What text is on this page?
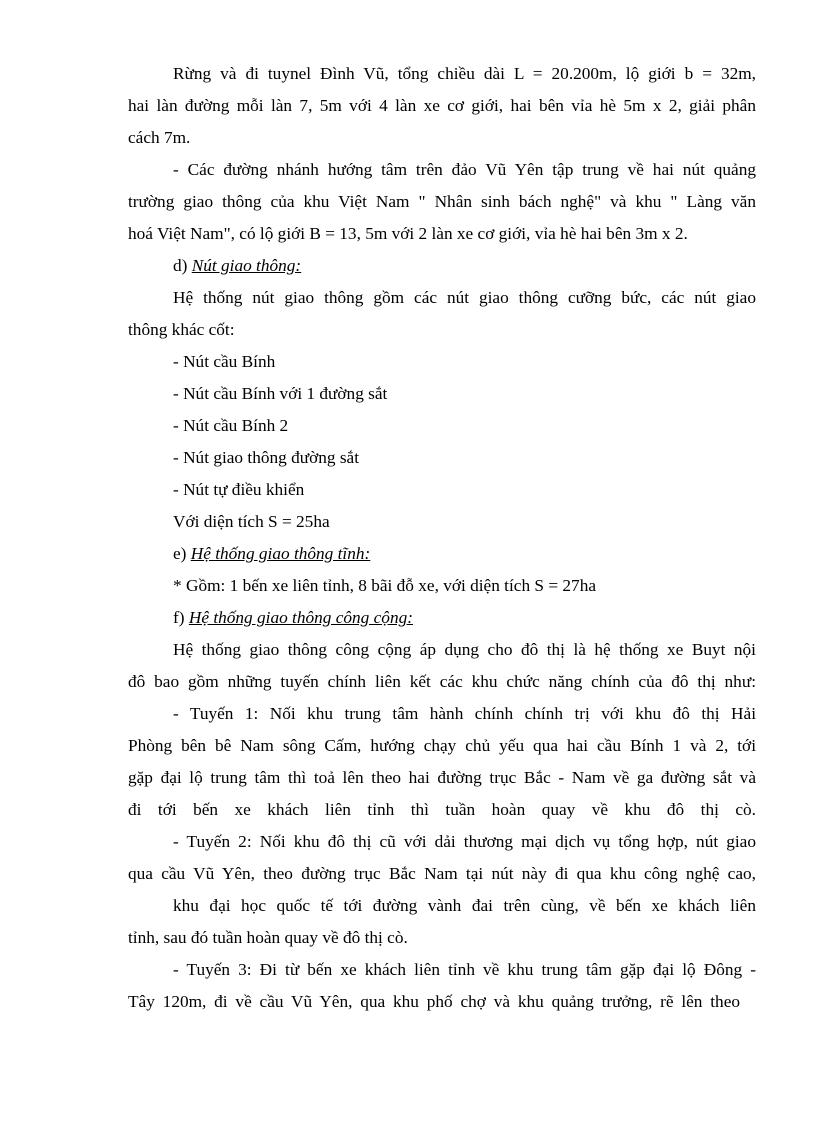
Rừng và đi tuynel Đình Vũ, tổng chiều dài L = 20.200m, lộ giới b = 32m,
hai làn đường mỗi làn 7, 5m với 4 làn xe cơ giới, hai bên vỉa hè 5m x 2, giải phân
cách 7m.
- Các đường nhánh hướng tâm trên đảo Vũ Yên tập trung về hai nút quảng
trường giao thông của khu Việt Nam " Nhân sinh bách nghệ" và khu " Làng văn
hoá Việt Nam", có lộ giới B = 13, 5m với 2 làn xe cơ giới, vỉa hè hai bên 3m x 2.
d) Nút giao thông:
Hệ thống nút giao thông gồm các nút giao thông cưỡng bức, các nút giao
thông khác cốt:
- Nút cầu Bính
- Nút cầu Bính với 1 đường sắt
- Nút cầu Bính 2
- Nút giao thông đường sắt
- Nút tự điều khiển
Với diện tích S = 25ha
e) Hệ thống giao thông tĩnh:
* Gồm: 1 bến xe liên tỉnh, 8 bãi đỗ xe, với diện tích S = 27ha
f) Hệ thống giao thông công cộng:
Hệ thống giao thông công cộng áp dụng cho đô thị là hệ thống xe Buyt nội
đô bao gồm những tuyến chính liên kết các khu chức năng chính của đô thị như:
- Tuyến 1: Nối khu trung tâm hành chính chính trị với khu đô thị Hải
Phòng bên bê Nam sông Cấm, hướng chạy chủ yếu qua hai cầu Bính 1 và 2, tới
gặp đại lộ trung tâm thì toả lên theo hai đường trục Bắc - Nam về ga đường sắt và
đi tới bến xe khách liên tỉnh thì tuần hoàn quay về khu đô thị cò.
- Tuyến 2: Nối khu đô thị cũ với dải thương mại dịch vụ tổng hợp, nút giao
qua cầu Vũ Yên, theo đường trục Bắc Nam tại nút này đi qua khu công nghệ cao,
khu đại học quốc tế tới đường vành đai trên cùng, về bến xe khách liên
tỉnh, sau đó tuần hoàn quay về đô thị cò.
- Tuyến 3: Đi từ bến xe khách liên tỉnh về khu trung tâm gặp đại lộ Đông -
Tây 120m, đi về cầu Vũ Yên, qua khu phố chợ và khu quảng trưởng, rẽ lên theo
